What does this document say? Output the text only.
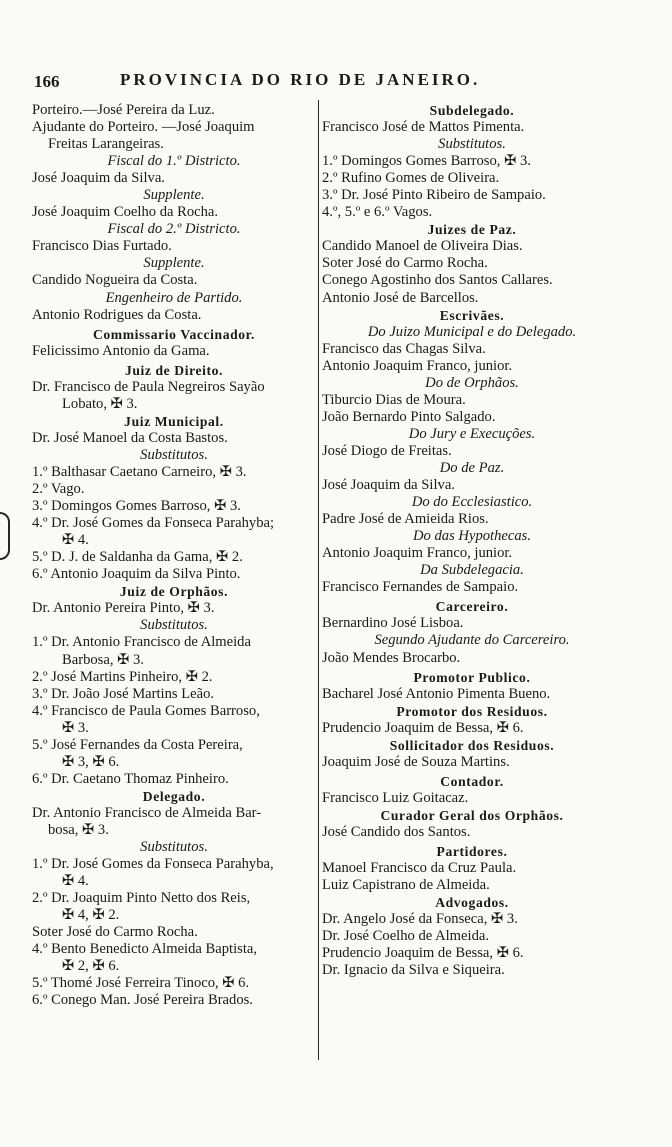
166	PROVINCIA DO RIO DE JANEIRO.
Porteiro.—José Pereira da Luz.
Ajudante do Porteiro. —José Joaquim
Freitas Larangeiras.
Fiscal do 1.º Districto.
José Joaquim da Silva.
Supplente.
José Joaquim Coelho da Rocha.
Fiscal do 2.º Districto.
Francisco Dias Furtado.
Supplente.
Candido Nogueira da Costa.
Engenheiro de Partido.
Antonio Rodrigues da Costa.
Commissario Vaccinador.
Felicissimo Antonio da Gama.
Juiz de Direito.
Dr. Francisco de Paula Negreiros Sayão
Lobato, ✠ 3.
Juiz Municipal.
Dr. José Manoel da Costa Bastos.
Substitutos.
1.º Balthasar Caetano Carneiro, ✠ 3.
2.º Vago.
3.º Domingos Gomes Barroso, ✠ 3.
4.º Dr. José Gomes da Fonseca Parahyba;
✠ 4.
5.º D. J. de Saldanha da Gama, ✠ 2.
6.º Antonio Joaquim da Silva Pinto.
Juiz de Orphãos.
Dr. Antonio Pereira Pinto, ✠ 3.
Substitutos.
1.º Dr. Antonio Francisco de Almeida
Barbosa, ✠ 3.
2.º José Martins Pinheiro, ✠ 2.
3.º Dr. João José Martins Leão.
4.º Francisco de Paula Gomes Barroso,
✠ 3.
5.º José Fernandes da Costa Pereira,
✠ 3, ✠ 6.
6.º Dr. Caetano Thomaz Pinheiro.
Delegado.
Dr. Antonio Francisco de Almeida Bar-
bosa, ✠ 3.
Substitutos.
1.º Dr. José Gomes da Fonseca Parahyba,
✠ 4.
2.º Dr. Joaquim Pinto Netto dos Reis,
✠ 4, ✠ 2.
Soter José do Carmo Rocha.
4.º Bento Benedicto Almeida Baptista,
✠ 2, ✠ 6.
5.º Thomé José Ferreira Tinoco, ✠ 6.
6.º Conego Man. José Pereira Brados.
Subdelegado.
Francisco José de Mattos Pimenta.
Substitutos.
1.º Domingos Gomes Barroso, ✠ 3.
2.º Rufino Gomes de Oliveira.
3.º Dr. José Pinto Ribeiro de Sampaio.
4.º, 5.º e 6.º Vagos.
Juizes de Paz.
Candido Manoel de Oliveira Dias.
Soter José do Carmo Rocha.
Conego Agostinho dos Santos Callares.
Antonio José de Barcellos.
Escrivães.
Do Juizo Municipal e do Delegado.
Francisco das Chagas Silva.
Antonio Joaquim Franco, junior.
Do de Orphãos.
Tiburcio Dias de Moura.
João Bernardo Pinto Salgado.
Do Jury e Execuções.
José Diogo de Freitas.
Do de Paz.
José Joaquim da Silva.
Do do Ecclesiastico.
Padre José de Amieida Rios.
Do das Hypothecas.
Antonio Joaquim Franco, junior.
Da Subdelegacia.
Francisco Fernandes de Sampaio.
Carcereiro.
Bernardino José Lisboa.
Segundo Ajudante do Carcereiro.
João Mendes Brocarbo.
Promotor Publico.
Bacharel José Antonio Pimenta Bueno.
Promotor dos Residuos.
Prudencio Joaquim de Bessa, ✠ 6.
Sollicitador dos Residuos.
Joaquim José de Souza Martins.
Contador.
Francisco Luiz Goitacaz.
Curador Geral dos Orphãos.
José Candido dos Santos.
Partidores.
Manoel Francisco da Cruz Paula.
Luiz Capistrano de Almeida.
Advogados.
Dr. Angelo José da Fonseca, ✠ 3.
Dr. José Coelho de Almeida.
Prudencio Joaquim de Bessa, ✠ 6.
Dr. Ignacio da Silva e Siqueira.
